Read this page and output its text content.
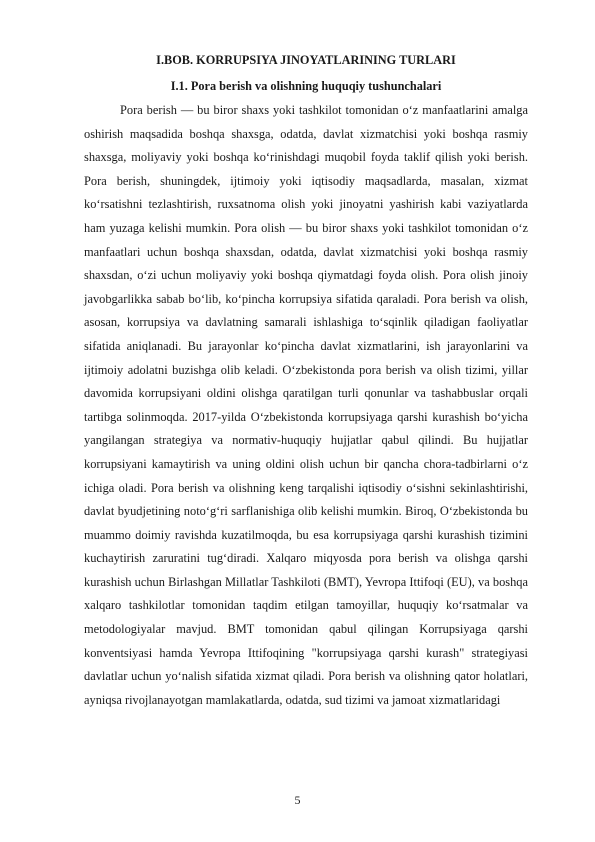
I.BOB. KORRUPSIYA JINOYATLARINING TURLARI
I.1. Pora berish va olishning huquqiy tushunchalari

Pora berish — bu biror shaxs yoki tashkilot tomonidan o‘z manfaatlarini amalga oshirish maqsadida boshqa shaxsga, odatda, davlat xizmatchisi yoki boshqa rasmiy shaxsga, moliyaviy yoki boshqa ko‘rinishdagi muqobil foyda taklif qilish yoki berish. Pora berish, shuningdek, ijtimoiy yoki iqtisodiy maqsadlarda, masalan, xizmat ko‘rsatishni tezlashtirish, ruxsatnoma olish yoki jinoyatni yashirish kabi vaziyatlarda ham yuzaga kelishi mumkin. Pora olish — bu biror shaxs yoki tashkilot tomonidan o‘z manfaatlari uchun boshqa shaxsdan, odatda, davlat xizmatchisi yoki boshqa rasmiy shaxsdan, o‘zi uchun moliyaviy yoki boshqa qiymatdagi foyda olish. Pora olish jinoiy javobgarlikka sabab bo‘lib, ko‘pincha korrupsiya sifatida qaraladi. Pora berish va olish, asosan, korrupsiya va davlatning samarali ishlashiga to‘sqinlik qiladigan faoliyatlar sifatida aniqlanadi. Bu jarayonlar ko‘pincha davlat xizmatlarini, ish jarayonlarini va ijtimoiy adolatni buzishga olib keladi. O‘zbekistonda pora berish va olish tizimi, yillar davomida korrupsiyani oldini olishga qaratilgan turli qonunlar va tashabbuslar orqali tartibga solinmoqda. 2017-yilda O‘zbekistonda korrupsiyaga qarshi kurashish bo‘yicha yangilangan strategiya va normativ-huquqiy hujjatlar qabul qilindi. Bu hujjatlar korrupsiyani kamaytirish va uning oldini olish uchun bir qancha chora-tadbirlarni o‘z ichiga oladi. Pora berish va olishning keng tarqalishi iqtisodiy o‘sishni sekinlashtirishi, davlat byudjetining noto‘g‘ri sarflanishiga olib kelishi mumkin. Biroq, O‘zbekistonda bu muammo doimiy ravishda kuzatilmoqda, bu esa korrupsiyaga qarshi kurashish tizimini kuchaytirish zaruratini tug‘diradi. Xalqaro miqyosda pora berish va olishga qarshi kurashish uchun Birlashgan Millatlar Tashkiloti (BMT), Yevropa Ittifoqi (EU), va boshqa xalqaro tashkilotlar tomonidan taqdim etilgan tamoyillar, huquqiy ko‘rsatmalar va metodologiyalar mavjud. BMT tomonidan qabul qilingan Korrupsiyaga qarshi konventsiyasi hamda Yevropa Ittifoqining "korrupsiyaga qarshi kurash" strategiyasi davlatlar uchun yo‘nalish sifatida xizmat qiladi. Pora berish va olishning qator holatlari, ayniqsa rivojlanayotgan mamlakatlarda, odatda, sud tizimi va jamoat xizmatlaridagi

5
